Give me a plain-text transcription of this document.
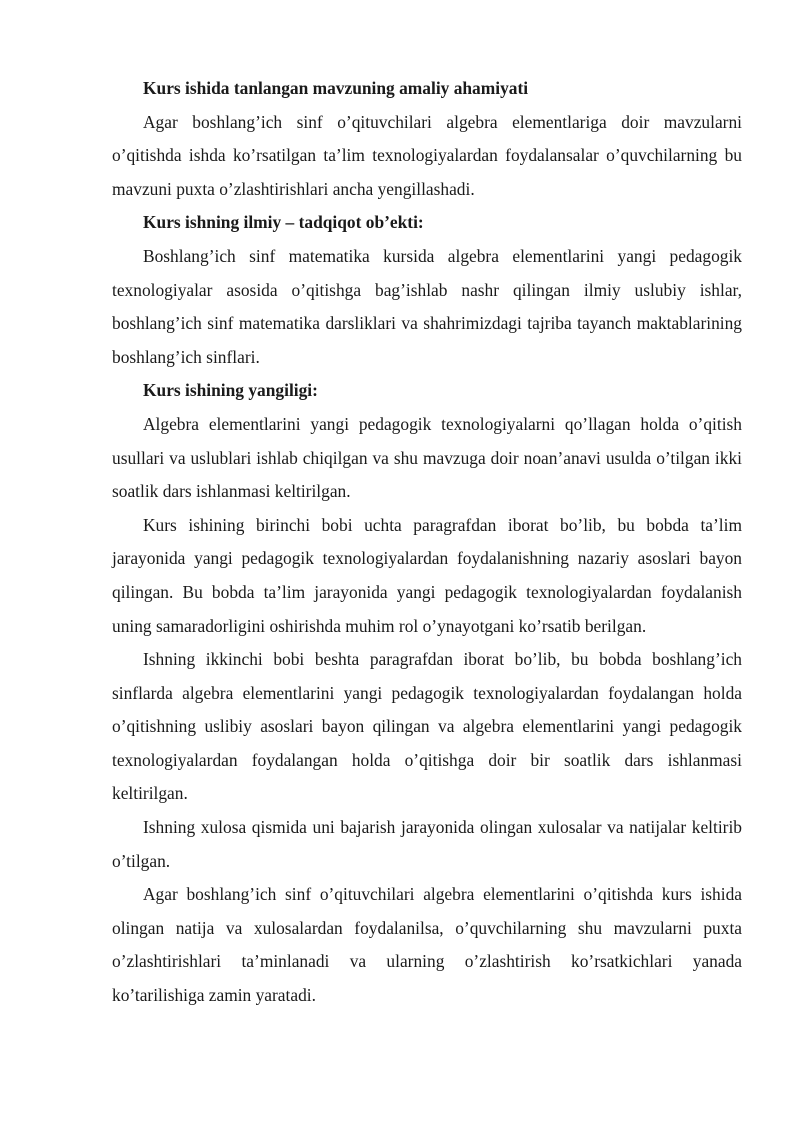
Kurs ishida tanlangan mavzuning amaliy ahamiyati

Agar boshlang’ich sinf o’qituvchilari algebra elementlariga doir mavzularni o’qitishda ishda ko’rsatilgan ta’lim texnologiyalardan foydalansalar o’quvchilarning bu mavzuni puxta o’zlashtirishlari ancha yengillashadi.

Kurs ishning ilmiy – tadqiqot ob’ekti:

Boshlang’ich sinf matematika kursida algebra elementlarini yangi pedagogik texnologiyalar asosida o’qitishga bag’ishlab nashr qilingan ilmiy uslubiy ishlar, boshlang’ich sinf matematika darsliklari va shahrimizdagi tajriba tayanch maktablarining boshlang’ich sinflari.

Kurs ishining yangiligi:

Algebra elementlarini yangi pedagogik texnologiyalarni qo’llagan holda o’qitish usullari va uslublari ishlab chiqilgan va shu mavzuga doir noan’anavi usulda o’tilgan ikki soatlik dars ishlanmasi keltirilgan.

Kurs ishining birinchi bobi uchta paragrafdan iborat bo’lib, bu bobda ta’lim jarayonida yangi pedagogik texnologiyalardan foydalanishning nazariy asoslari bayon qilingan. Bu bobda ta’lim jarayonida yangi pedagogik texnologiyalardan foydalanish uning samaradorligini oshirishda muhim rol o’ynayotgani ko’rsatib berilgan.

Ishning ikkinchi bobi beshta paragrafdan iborat bo’lib, bu bobda boshlang’ich sinflarda algebra elementlarini yangi pedagogik texnologiyalardan foydalangan holda o’qitishning uslibiy asoslari bayon qilingan va algebra elementlarini yangi pedagogik texnologiyalardan foydalangan holda o’qitishga doir bir soatlik dars ishlanmasi keltirilgan.

Ishning xulosa qismida uni bajarish jarayonida olingan xulosalar va natijalar keltirib o’tilgan.

Agar boshlang’ich sinf o’qituvchilari algebra elementlarini o’qitishda kurs ishida olingan natija va xulosalardan foydalanilsa, o’quvchilarning shu mavzularni puxta o’zlashtirishlari ta’minlanadi va ularning o’zlashtirish ko’rsatkichlari yanada ko’tarilishiga zamin yaratadi.
